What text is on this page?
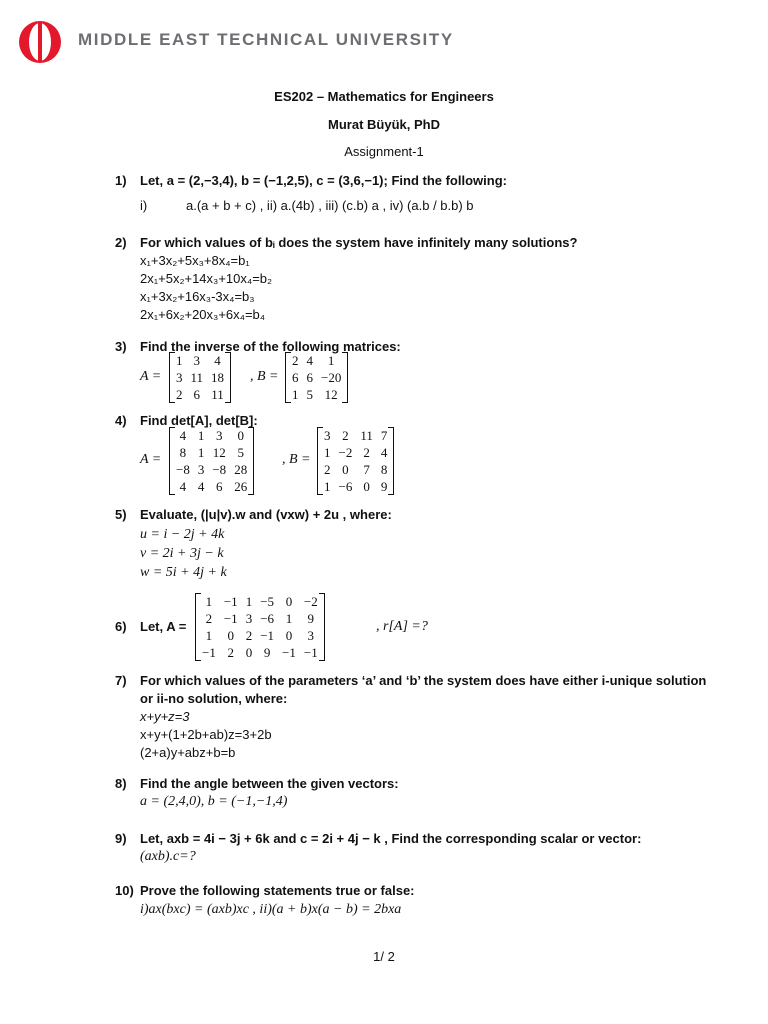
MIDDLE EAST TECHNICAL UNIVERSITY
ES202 – Mathematics for Engineers
Murat Büyük, PhD
Assignment-1
1) Let, a = (2,−3,4), b = (−1,2,5), c = (3,6,−1); Find the following:
i)	a.(a + b + c) , ii) a.(4b) , iii) (c.b) a , iv) (a.b / b.b) b
2) For which values of bᵢ does the system have infinitely many solutions?
x₁+3x₂+5x₃+8x₄=b₁
2x₁+5x₂+14x₃+10x₄=b₂
x₁+3x₂+16x₃-3x₄=b₃
2x₁+6x₂+20x₃+6x₄=b₄
3) Find the inverse of the following matrices:
A =
1	3	4
3	11	18
2	6	11
, B =
2	4	1
6	6	−20
1	5	12
4) Find det[A], det[B]:
A =
4	1	3	0
8	1	12	5
−8	3	−8	28
4	4	6	26
, B =
3	2	11	7
1	−2	2	4
2	0	7	8
1	−6	0	9
5) Evaluate, (|u|v).w and (vxw) + 2u , where:
u = i − 2j + 4k
v = 2i + 3j − k
w = 5i + 4j + k
6) Let, A =
1	−1	1	−5	0	−2
2	−1	3	−6	1	9
1	0	2	−1	0	3
−1	2	0	9	−1	−1
, r[A] =?
7) For which values of the parameters ‘a’ and ‘b’ the system does have either i-unique solution
or ii-no solution, where:
x+y+z=3
x+y+(1+2b+ab)z=3+2b
(2+a)y+abz+b=b
8) Find the angle between the given vectors:
a = (2,4,0), b = (−1,−1,4)
9) Let, axb = 4i − 3j + 6k and c = 2i + 4j − k , Find the corresponding scalar or vector:
(axb).c=?
10) Prove the following statements true or false:
i)ax(bxc) = (axb)xc , ii)(a + b)x(a − b) = 2bxa
1/ 2
